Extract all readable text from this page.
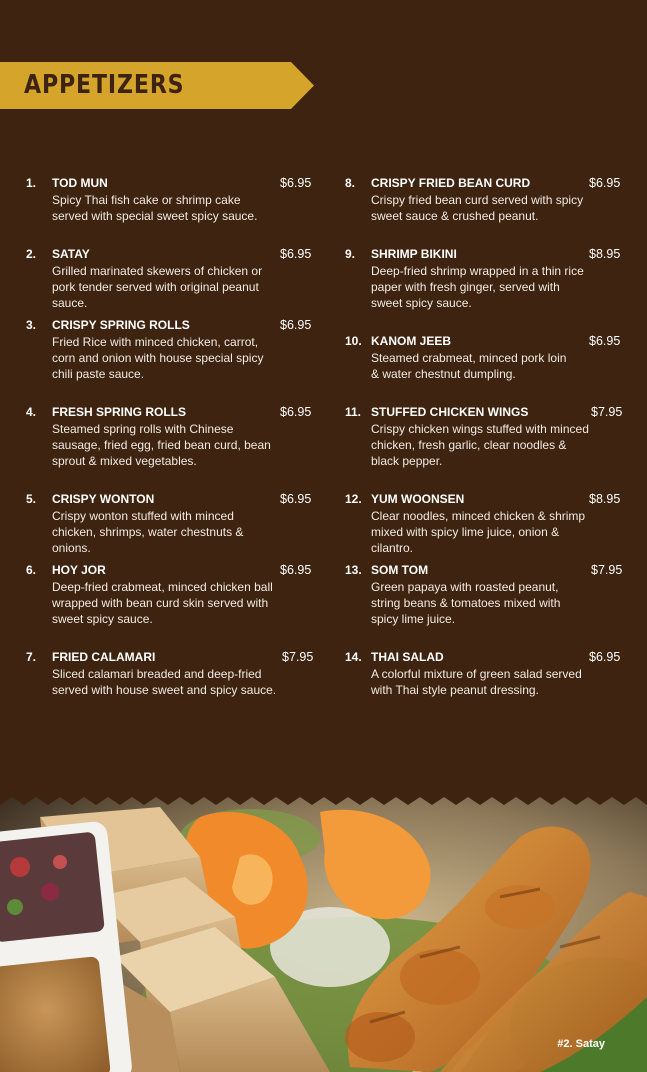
APPETIZERS
1. TOD MUN	$6.95
Spicy Thai fish cake or shrimp cake served with special sweet spicy sauce.
2. SATAY	$6.95
Grilled marinated skewers of chicken or pork tender served with original peanut sauce.
3. CRISPY SPRING ROLLS	$6.95
Fried Rice with minced chicken, carrot, corn and onion with house special spicy chili paste sauce.
4. FRESH SPRING ROLLS	$6.95
Steamed spring rolls with Chinese sausage, fried egg, fried bean curd, bean sprout & mixed vegetables.
5. CRISPY WONTON	$6.95
Crispy wonton stuffed with minced chicken, shrimps, water chestnuts & onions.
6. HOY JOR	$6.95
Deep-fried crabmeat, minced chicken ball wrapped with bean curd skin served with sweet spicy sauce.
7. FRIED CALAMARI	$7.95
Sliced calamari breaded and deep-fried served with house sweet and spicy sauce.
8. CRISPY FRIED BEAN CURD	$6.95
Crispy fried bean curd served with spicy sweet sauce & crushed peanut.
9. SHRIMP BIKINI	$8.95
Deep-fried shrimp wrapped in a thin rice paper with fresh ginger, served with sweet spicy sauce.
10. KANOM JEEB	$6.95
Steamed crabmeat, minced pork loin & water chestnut dumpling.
11. STUFFED CHICKEN WINGS	$7.95
Crispy chicken wings stuffed with minced chicken, fresh garlic, clear noodles & black pepper.
12. YUM WOONSEN	$8.95
Clear noodles, minced chicken & shrimp mixed with spicy lime juice, onion & cilantro.
13. SOM TOM	$7.95
Green papaya with roasted peanut, string beans & tomatoes mixed with spicy lime juice.
14. THAI SALAD	$6.95
A colorful mixture of green salad served with Thai style peanut dressing.
#2. Satay
